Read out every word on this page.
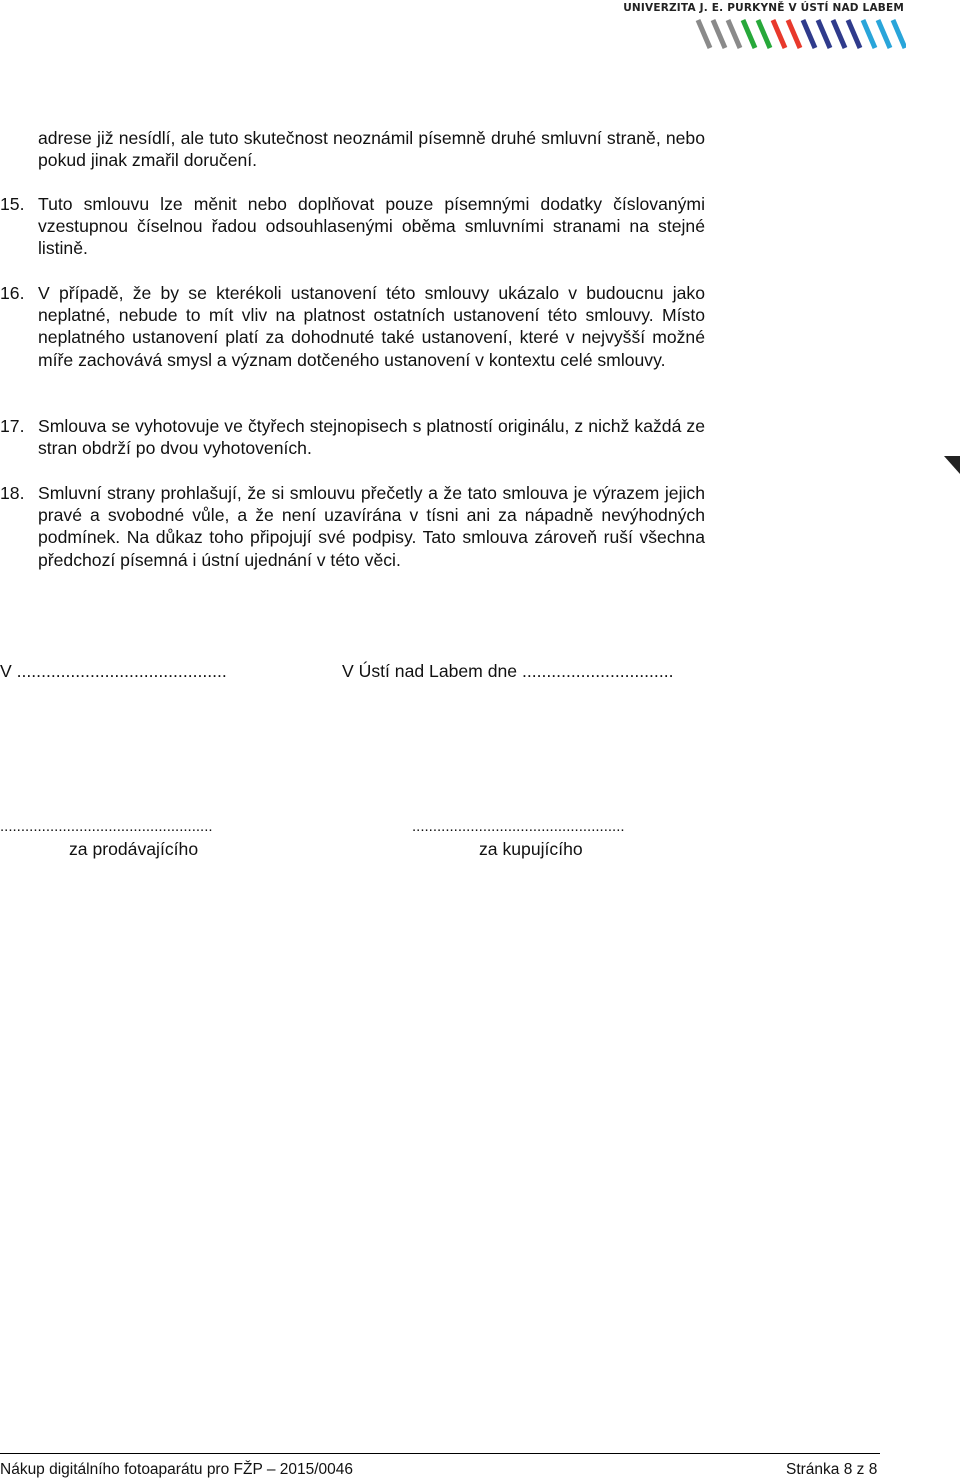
UNIVERZITA J. E. PURKYNĚ V ÚSTÍ NAD LABEM
adrese již nesídlí, ale tuto skutečnost neoznámil písemně druhé smluvní straně, nebo pokud jinak zmařil doručení.
15. Tuto smlouvu lze měnit nebo doplňovat pouze písemnými dodatky číslovanými vzestupnou číselnou řadou odsouhlasenými oběma smluvními stranami na stejné listině.
16. V případě, že by se kterékoli ustanovení této smlouvy ukázalo v budoucnu jako neplatné, nebude to mít vliv na platnost ostatních ustanovení této smlouvy. Místo neplatného ustanovení platí za dohodnuté také ustanovení, které v nejvyšší možné míře zachovává smysl a význam dotčeného ustanovení v kontextu celé smlouvy.
17. Smlouva se vyhotovuje ve čtyřech stejnopisech s platností originálu, z nichž každá ze stran obdrží po dvou vyhotoveních.
18. Smluvní strany prohlašují, že si smlouvu přečetly a že tato smlouva je výrazem jejich pravé a svobodné vůle, a že není uzavírána v tísni ani za nápadně nevýhodných podmínek. Na důkaz toho připojují své podpisy. Tato smlouva zároveň ruší všechna předchozí písemná i ústní ujednání v této věci.
V ...........................................	V Ústí nad Labem dne ...............................
...................................................	...................................................
za prodávajícího	za kupujícího
Nákup digitálního fotoaparátu pro FŽP – 2015/0046	Stránka 8 z 8
